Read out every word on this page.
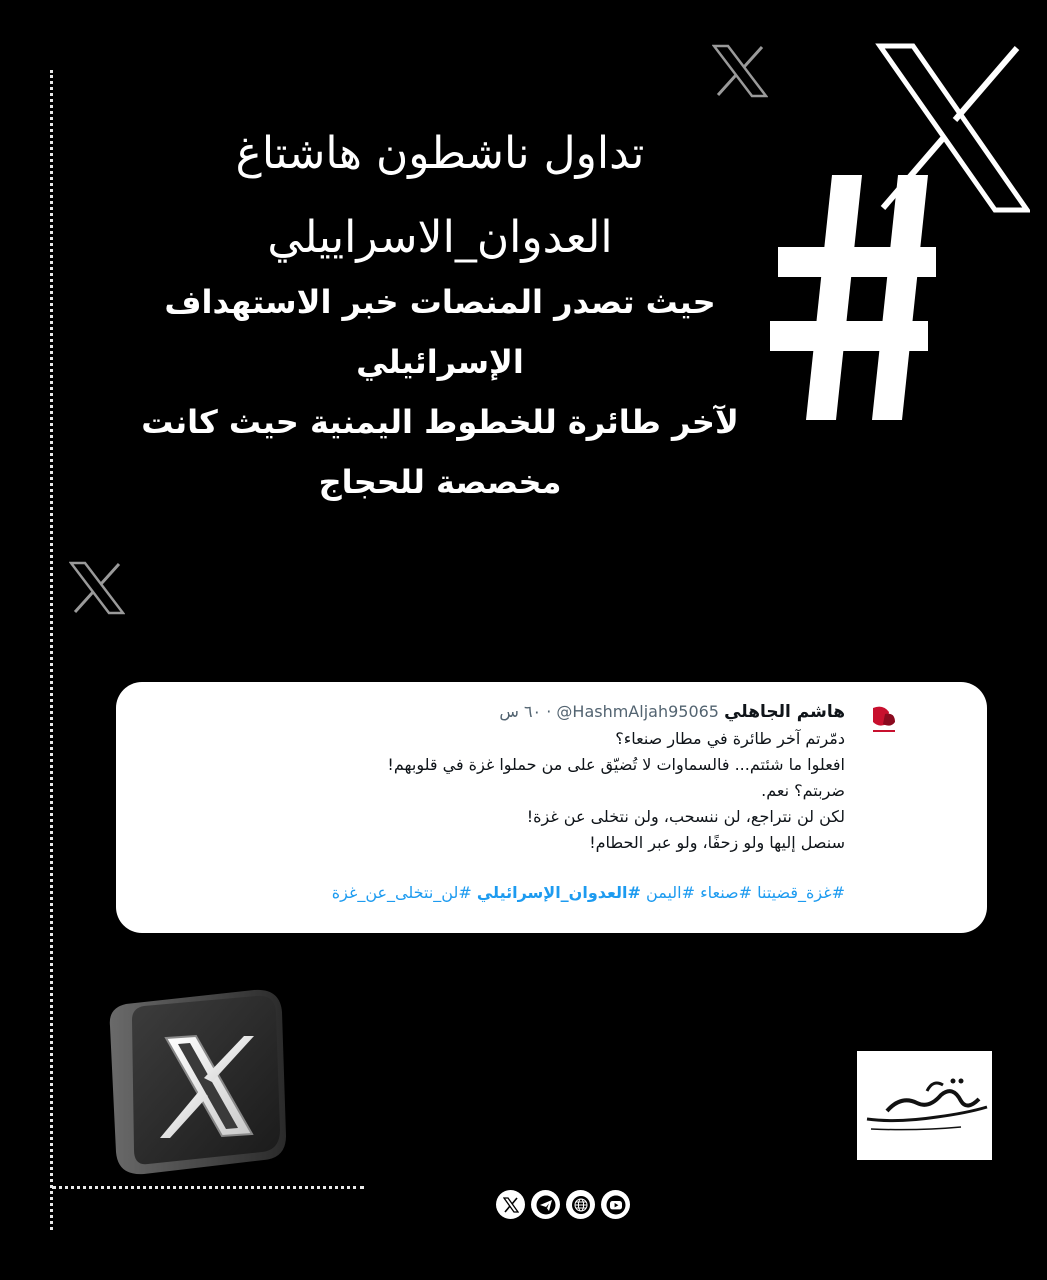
تداول ناشطون هاشتاغ
العدوان_الاسراييلي
حيث تصدر المنصات خبر الاستهداف الإسرائيلي
لآخر طائرة للخطوط اليمنية حيث كانت
مخصصة للحجاج
هاشم الجاهلي @HashmAljah95065 · ٦٠ س
دمّرتم آخر طائرة في مطار صنعاء؟
افعلوا ما شئتم... فالسماوات لا تُضيّق على من حملوا غزة في قلوبهم!
ضربتم؟ نعم.
لكن لن نتراجع، لن ننسحب، ولن نتخلى عن غزة!
سنصل إليها ولو زحفًا، ولو عبر الحطام!
#غزة_قضيتنا #صنعاء #اليمن #العدوان_الإسرائيلي #لن_نتخلى_عن_غزة
